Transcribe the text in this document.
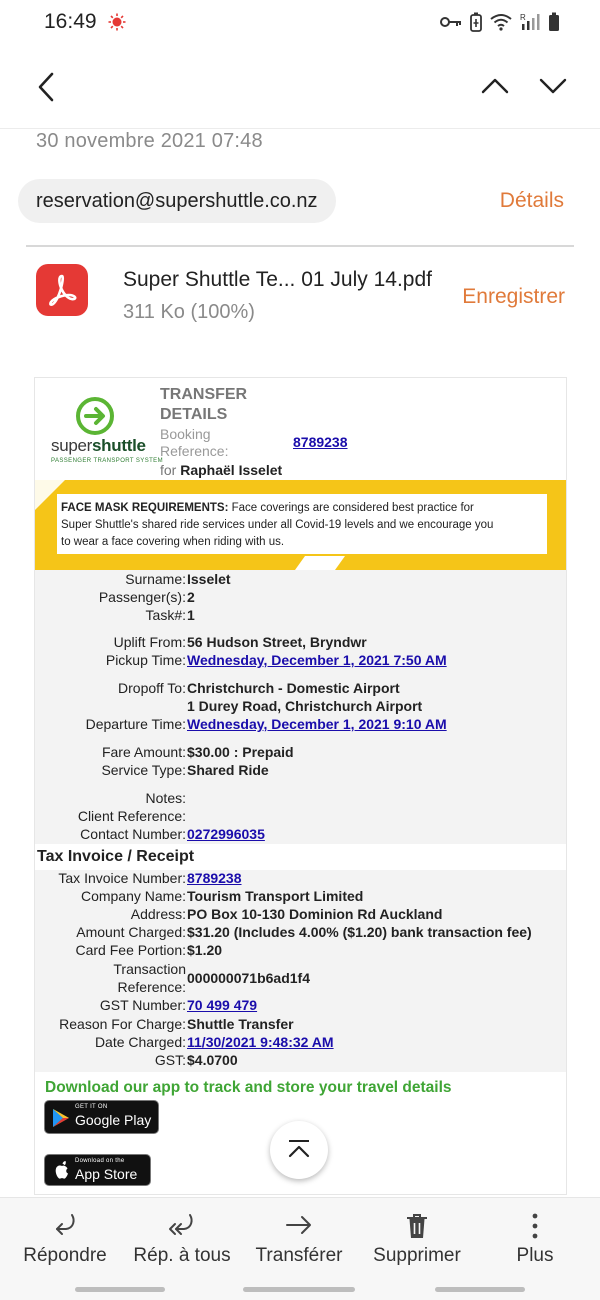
16:49	R
30 novembre 2021 07:48
reservation@supershuttle.co.nz	Détails
Super Shuttle Te... 01 July 14.pdf
311 Ko (100%)
Enregistrer
supershuttle
PASSENGER TRANSPORT SYSTEM
TRANSFER
DETAILS
Booking
Reference:
8789238
for Raphaël Isselet
FACE MASK REQUIREMENTS: Face coverings are considered best practice for
Super Shuttle's shared ride services under all Covid-19 levels and we encourage you
to wear a face covering when riding with us.
Surname: Isselet
Passenger(s): 2
Task#: 1
Uplift From: 56 Hudson Street, Bryndwr
Pickup Time: Wednesday, December 1, 2021 7:50 AM
Dropoff To: Christchurch - Domestic Airport
1 Durey Road, Christchurch Airport
Departure Time: Wednesday, December 1, 2021 9:10 AM
Fare Amount: $30.00 : Prepaid
Service Type: Shared Ride
Notes:
Client Reference:
Contact Number: 0272996035
Tax Invoice / Receipt
Tax Invoice Number: 8789238
Company Name: Tourism Transport Limited
Address: PO Box 10-130 Dominion Rd Auckland
Amount Charged: $31.20 (Includes 4.00% ($1.20) bank transaction fee)
Card Fee Portion: $1.20
Transaction
Reference:
000000071b6ad1f4
GST Number: 70 499 479
Reason For Charge: Shuttle Transfer
Date Charged: 11/30/2021 9:48:32 AM
GST: $4.0700
Download our app to track and store your travel details
GET IT ON
Google Play
Download on the
App Store
Répondre	Rép. à tous	Transférer	Supprimer	Plus
